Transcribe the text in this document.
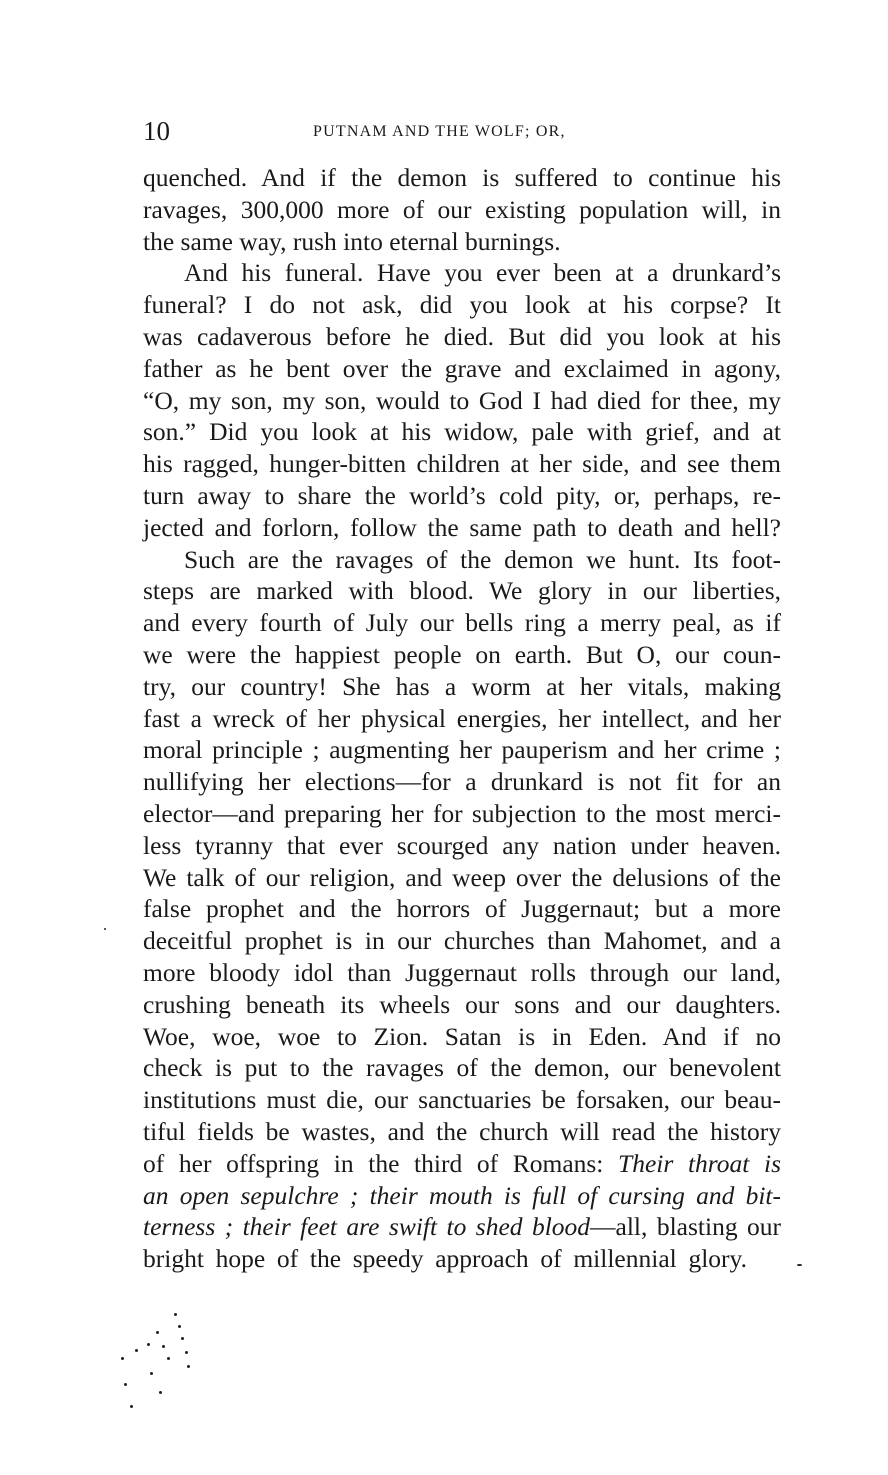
10	PUTNAM AND THE WOLF; OR,
quenched. And if the demon is suffered to continue his
ravages, 300,000 more of our existing population will, in
the same way, rush into eternal burnings.
And his funeral. Have you ever been at a drunkard’s
funeral? I do not ask, did you look at his corpse? It
was cadaverous before he died. But did you look at his
father as he bent over the grave and exclaimed in agony,
“O, my son, my son, would to God I had died for thee, my
son.” Did you look at his widow, pale with grief, and at
his ragged, hunger-bitten children at her side, and see them
turn away to share the world’s cold pity, or, perhaps, re-
jected and forlorn, follow the same path to death and hell?
Such are the ravages of the demon we hunt. Its foot-
steps are marked with blood. We glory in our liberties,
and every fourth of July our bells ring a merry peal, as if
we were the happiest people on earth. But O, our coun-
try, our country! She has a worm at her vitals, making
fast a wreck of her physical energies, her intellect, and her
moral principle ; augmenting her pauperism and her crime ;
nullifying her elections—for a drunkard is not fit for an
elector—and preparing her for subjection to the most merci-
less tyranny that ever scourged any nation under heaven.
We talk of our religion, and weep over the delusions of the
false prophet and the horrors of Juggernaut; but a more
deceitful prophet is in our churches than Mahomet, and a
more bloody idol than Juggernaut rolls through our land,
crushing beneath its wheels our sons and our daughters.
Woe, woe, woe to Zion. Satan is in Eden. And if no
check is put to the ravages of the demon, our benevolent
institutions must die, our sanctuaries be forsaken, our beau-
tiful fields be wastes, and the church will read the history
of her offspring in the third of Romans: Their throat is
an open sepulchre ; their mouth is full of cursing and bit-
terness ; their feet are swift to shed blood—all, blasting our
bright hope of the speedy approach of millennial glory.
